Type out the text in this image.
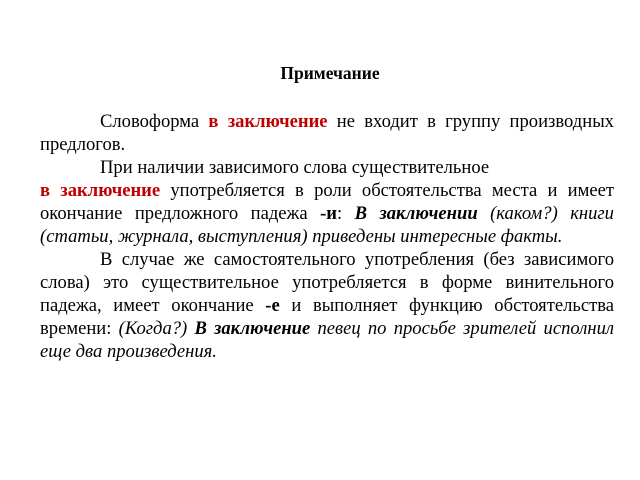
Примечание

Словоформа в заключение не входит в группу производных предлогов.

При наличии зависимого слова существительное

в заключение употребляется в роли обстоятельства места и имеет окончание предложного падежа -и: В заключении (каком?) книги (статьи, журнала, выступления) приведены интересные факты.

В случае же самостоятельного употребления (без зависимого слова) это существительное употребляется в форме винительного падежа, имеет окончание -е и выполняет функцию обстоятельства времени: (Когда?) В заключение певец по просьбе зрителей исполнил еще два произведения.
